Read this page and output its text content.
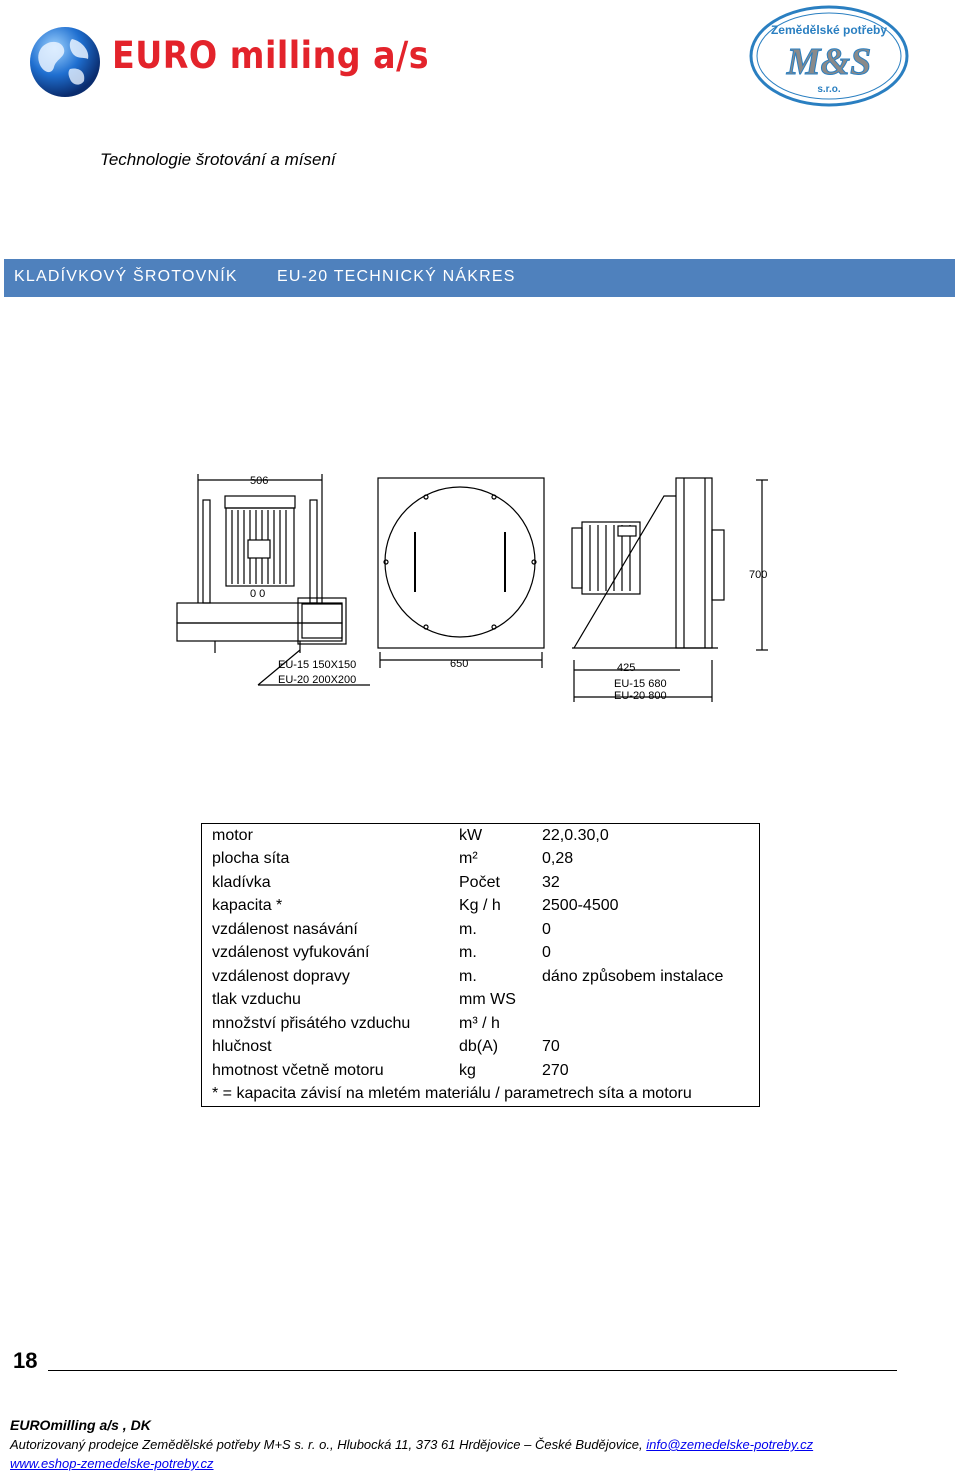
EURO milling a/s
Zemědělské potřeby
M&S
s.r.o.
Technologie šrotování a mísení
KLADÍVKOVÝ ŠROTOVNÍK EU-20 TECHNICKÝ NÁKRES
506
0 0
EU-15 150X150
EU-20 200X200
650	425
EU-15 680
EU-20 800
700
motor	kW	22,0.30,0
plocha síta	m²	0,28
kladívka	Počet	32
kapacita *	Kg / h	2500-4500
vzdálenost nasávání	m.	0
vzdálenost vyfukování	m.	0
vzdálenost dopravy	m.	dáno způsobem instalace
tlak vzduchu	mm WS	
množství přisátého vzduchu	m³ / h	
hlučnost	db(A)	70
hmotnost včetně motoru	kg	270
* = kapacita závisí na mletém materiálu / parametrech síta a motoru		
18
EUROmilling a/s , DK
Autorizovaný prodejce Zemědělské potřeby M+S s. r. o., Hlubocká 11, 373 61 Hrdějovice – České Budějovice, info@zemedelske-potreby.cz
www.eshop-zemedelske-potreby.cz
